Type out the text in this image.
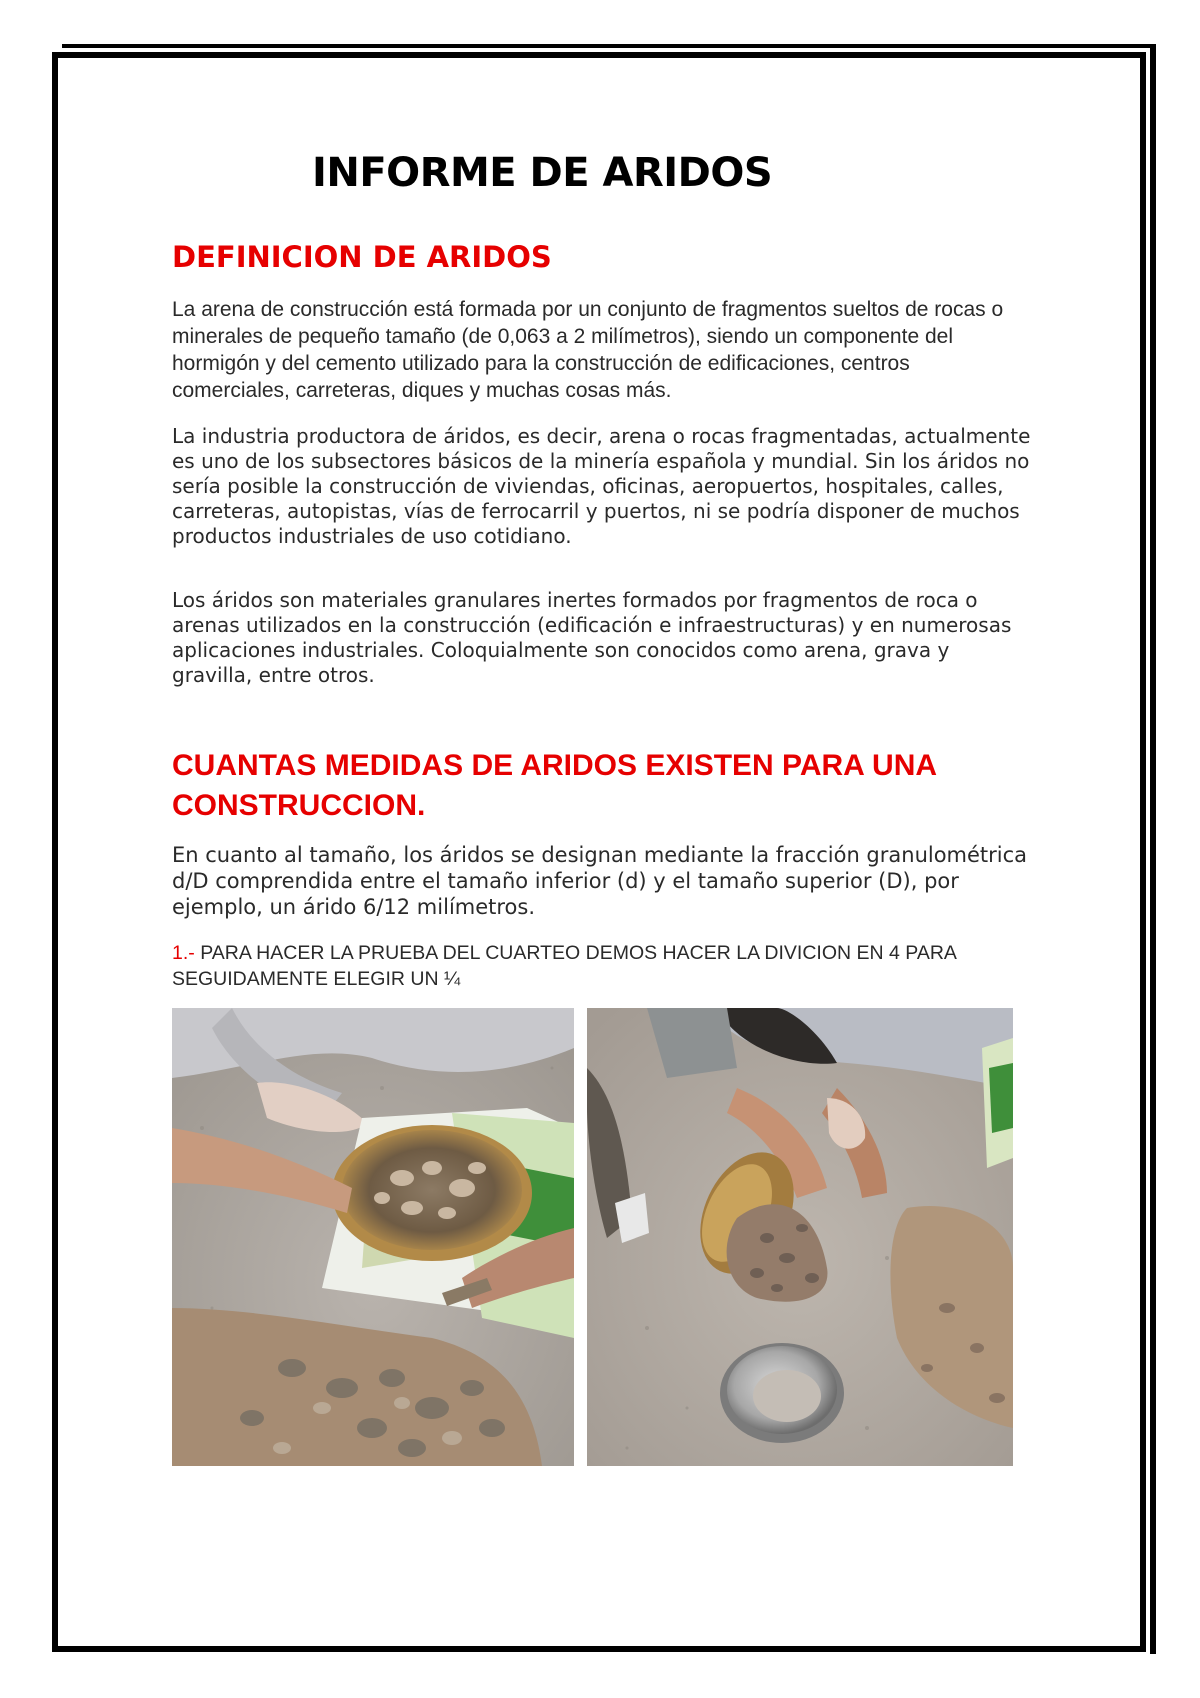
INFORME DE ARIDOS
DEFINICION DE ARIDOS

La arena de construcción está formada por un conjunto de fragmentos sueltos de rocas o minerales de pequeño tamaño (de 0,063 a 2 milímetros), siendo un componente del hormigón y del cemento utilizado para la construcción de edificaciones, centros comerciales, carreteras, diques y muchas cosas más.

La industria productora de áridos, es decir, arena o rocas fragmentadas, actualmente es uno de los subsectores básicos de la minería española y mundial. Sin los áridos no sería posible la construcción de viviendas, oficinas, aeropuertos, hospitales, calles, carreteras, autopistas, vías de ferrocarril y puertos, ni se podría disponer de muchos productos industriales de uso cotidiano.

Los áridos son materiales granulares inertes formados por fragmentos de roca o arenas utilizados en la construcción (edificación e infraestructuras) y en numerosas aplicaciones industriales. Coloquialmente son conocidos como arena, grava y gravilla, entre otros.

CUANTAS MEDIDAS DE ARIDOS EXISTEN PARA UNA CONSTRUCCION.

En cuanto al tamaño, los áridos se designan mediante la fracción granulométrica d/D comprendida entre el tamaño inferior (d) y el tamaño superior (D), por ejemplo, un árido 6/12 milímetros.

1.- PARA HACER LA PRUEBA DEL CUARTEO DEMOS HACER LA DIVICION EN 4 PARASEGUIDAMENTE ELEGIR UN ¼
